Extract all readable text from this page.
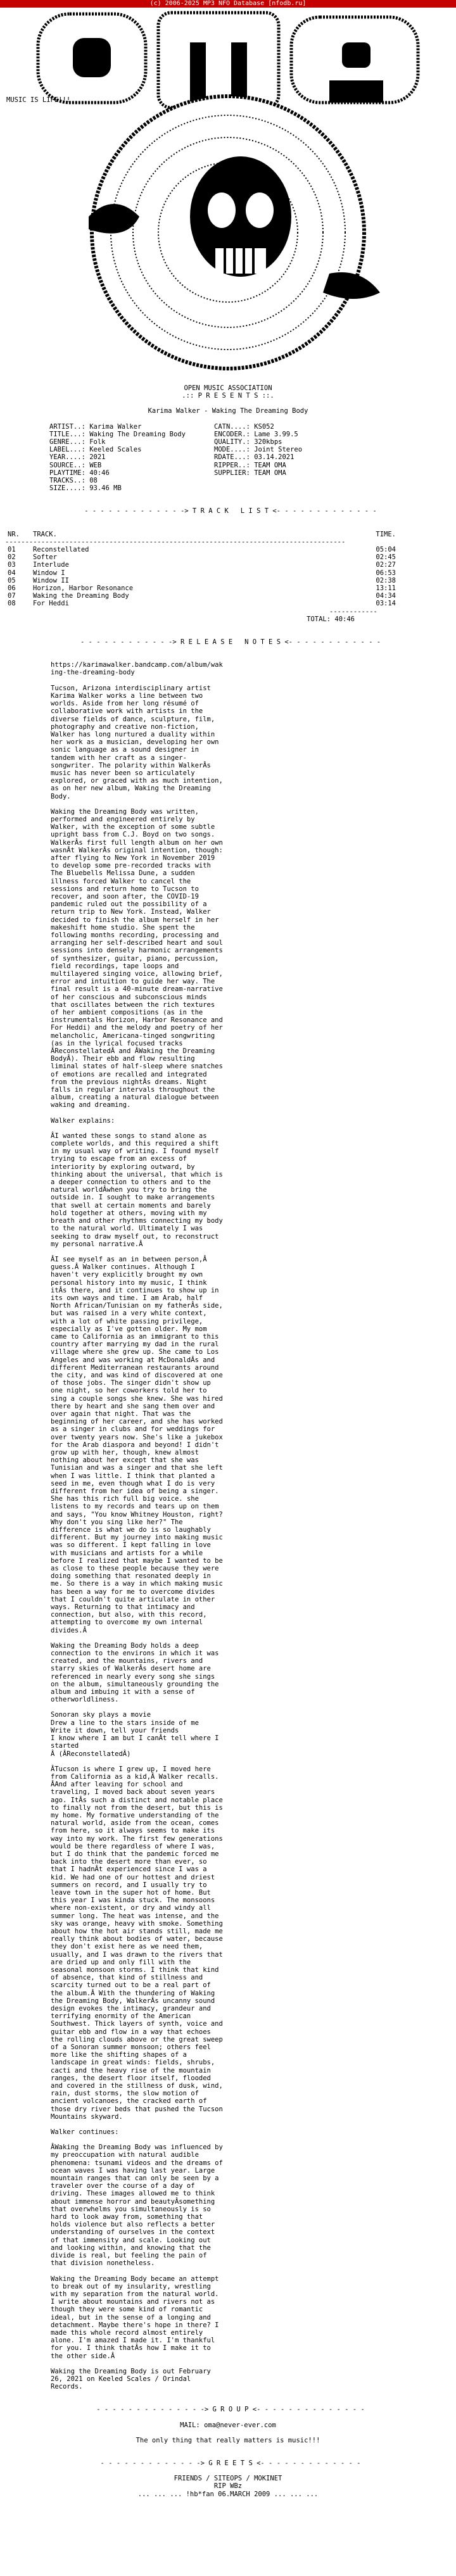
(c) 2006-2025 MP3 NFO Database [nfodb.ru]
MUSIC IS LIFE!!!
OPEN MUSIC ASSOCIATION
.:: P R E S E N T S ::.
Karima Walker - Waking The Dreaming Body
ARTIST..: Karima Walker
TITLE...: Waking The Dreaming Body
GENRE...: Folk
LABEL...: Keeled Scales
YEAR....: 2021
SOURCE..: WEB
PLAYTIME: 40:46
TRACKS..: 08
SIZE....: 93.46 MB
CATN....: KS052
ENCODER.: Lame 3.99.5
QUALITY.: 320kbps
MODE....: Joint Stereo
RDATE...: 03.14.2021
RIPPER..: TEAM OMA
SUPPLIER: TEAM OMA
- - - - - - - - - - - - -> T R A C K   L I S T <- - - - - - - - - - - - -
NR.	TRACK.	TIME.
-------------------------------------------------------------------------------------
01	Reconstellated	05:04
02	Softer	02:45
03	Interlude	02:27
04	Window I	06:53
05	Window II	02:38
06	Horizon, Harbor Resonance	13:11
07	Waking the Dreaming Body	04:34
08	For Heddi	03:14
------------
TOTAL: 40:46
- - - - - - - - - - - -> R E L E A S E   N O T E S <- - - - - - - - - - - -

https://karimawalker.bandcamp.com/album/waking-the-dreaming-body

Tucson, Arizona interdisciplinary artist Karima Walker works a line between two worlds. Aside from her long résumé of collaborative work with artists in the diverse fields of dance, sculpture, film, photography and creative non-fiction, Walker has long nurtured a duality within her work as a musician, developing her own sonic language as a sound designer in tandem with her craft as a singer-songwriter. The polarity within WalkerÂs music has never been so articulately explored, or graced with as much intention, as on her new album, Waking the Dreaming Body.

Waking the Dreaming Body was written, performed and engineered entirely by Walker, with the exception of some subtle upright bass from C.J. Boyd on two songs. WalkerÂs first full length album on her own wasnÂt WalkerÂs original intention, though: after flying to New York in November 2019 to develop some pre-recorded tracks with The Bluebells Melissa Dune, a sudden illness forced Walker to cancel the sessions and return home to Tucson to recover, and soon after, the COVID-19 pandemic ruled out the possibility of a return trip to New York. Instead, Walker decided to finish the album herself in her makeshift home studio. She spent the following months recording, processing and arranging her self-described heart and soul sessions into densely harmonic arrangements of synthesizer, guitar, piano, percussion, field recordings, tape loops and multilayered singing voice, allowing brief, error and intuition to guide her way. The final result is a 40-minute dream-narrative of her conscious and subconscious minds that oscillates between the rich textures of her ambient compositions (as in the instrumentals Horizon, Harbor Resonance and For Heddi) and the melody and poetry of her melancholic, Americana-tinged songwriting (as in the lyrical focused tracks ÂReconstellatedÂ and ÂWaking the Dreaming BodyÂ). Their ebb and flow resulting liminal states of half-sleep where snatches of emotions are recalled and integrated from the previous nightÂs dreams. Night falls in regular intervals throughout the album, creating a natural dialogue between waking and dreaming.

Walker explains:

ÂI wanted these songs to stand alone as complete worlds, and this required a shift in my usual way of writing. I found myself trying to escape from an excess of interiority by exploring outward, by thinking about the universal, that which is a deeper connection to others and to the natural worldÂwhen you try to bring the outside in. I sought to make arrangements that swell at certain moments and barely hold together at others, moving with my breath and other rhythms connecting my body to the natural world. Ultimately I was seeking to draw myself out, to reconstruct my personal narrative.Â

ÂI see myself as an in between person,Â guess.Â Walker continues. Although I haven't very explicitly brought my own personal history into my music, I think itÂs there, and it continues to show up in its own ways and time. I am Arab, half North African/Tunisian on my fatherÂs side, but was raised in a very white context, with a lot of white passing privilege, especially as I've gotten older. My mom came to California as an immigrant to this country after marrying my dad in the rural village where she grew up. She came to Los Angeles and was working at McDonaldÂs and different Mediterranean restaurants around the city, and was kind of discovered at one of those jobs. The singer didn't show up one night, so her coworkers told her to sing a couple songs she knew. She was hired there by heart and she sang them over and over again that night. That was the beginning of her career, and she has worked as a singer in clubs and for weddings for over twenty years now. She's like a jukebox for the Arab diaspora and beyond! I didn't grow up with her, though, knew almost nothing about her except that she was Tunisian and was a singer and that she left when I was little. I think that planted a seed in me, even though what I do is very different from her idea of being a singer. She has this rich full big voice. she listens to my records and tears up on them and says, "You know Whitney Houston, right? Why don't you sing like her?" The difference is what we do is so laughably different. But my journey into making music was so different. I kept falling in love with musicians and artists for a while before I realized that maybe I wanted to be as close to these people because they were doing something that resonated deeply in me. So there is a way in which making music has been a way for me to overcome divides that I couldn't quite articulate in other ways. Returning to that intimacy and connection, but also, with this record, attempting to overcome my own internal divides.Â

Waking the Dreaming Body holds a deep connection to the environs in which it was created, and the mountains, rivers and starry skies of WalkerÂs desert home are referenced in nearly every song she sings on the album, simultaneously grounding the album and imbuing it with a sense of otherworldliness.

Sonoran sky plays a movie
Drew a line to the stars inside of me
Write it down, tell your friends
I know where I am but I canÂt tell where I started
Â (ÂReconstellatedÂ)

ÂTucson is where I grew up, I moved here from California as a kid,Â Walker recalls. ÂAnd after leaving for school and traveling, I moved back about seven years ago. ItÂs such a distinct and notable place to finally not from the desert, but this is my home. My formative understanding of the natural world, aside from the ocean, comes from here, so it always seems to make its way into my work. The first few generations would be there regardless of where I was, but I do think that the pandemic forced me back into the desert more than ever, so that I hadnÂt experienced since I was a kid. We had one of our hottest and driest summers on record, and I usually try to leave town in the super hot of home. But this year I was kinda stuck. The monsoons where non-existent, or dry and windy all summer long. The heat was intense, and the sky was orange, heavy with smoke. Something about how the hot air stands still, made me really think about bodies of water, because they don't exist here as we need them, usually, and I was drawn to the rivers that are dried up and only fill with the seasonal monsoon storms. I think that kind of absence, that kind of stillness and scarcity turned out to be a real part of the album.Â With the thundering of Waking the Dreaming Body, WalkerÂs uncanny sound design evokes the intimacy, grandeur and terrifying enormity of the American Southwest. Thick layers of synth, voice and guitar ebb and flow in a way that echoes the rolling clouds above or the great sweep of a Sonoran summer monsoon; others feel more like the shifting shapes of a landscape in great winds: fields, shrubs, cacti and the heavy rise of the mountain ranges, the desert floor itself, flooded and covered in the stillness of dusk, wind, rain, dust storms, the slow motion of ancient volcanoes, the cracked earth of those dry river beds that pushed the Tucson Mountains skyward.

Walker continues:

ÂWaking the Dreaming Body was influenced by my preoccupation with natural audible phenomena: tsunami videos and the dreams of ocean waves I was having last year. Large mountain ranges that can only be seen by a traveler over the course of a day of driving. These images allowed me to think about immense horror and beautyÂsomething that overwhelms you simultaneously is so hard to look away from, something that holds violence but also reflects a better understanding of ourselves in the context of that immensity and scale. Looking out and looking within, and knowing that the divide is real, but feeling the pain of that division nonetheless.

Waking the Dreaming Body became an attempt to break out of my insularity, wrestling with my separation from the natural world. I write about mountains and rivers not as though they were some kind of romantic ideal, but in the sense of a longing and detachment. Maybe there's hope in there? I made this whole record almost entirely alone. I'm amazed I made it. I'm thankful for you. I think thatÂs how I make it to the other side.Â

Waking the Dreaming Body is out February 26, 2021 on Keeled Scales / Orindal Records.

- - - - - - - - - - - - - -> G R O U P <- - - - - - - - - - - - - -
MAIL: oma@never-ever.com
The only thing that really matters is music!!!
- - - - - - - - - - - - -> G R E E T S <- - - - - - - - - - - - -
FRIENDS / SITEOPS / MOKINET
RIP WBz
... ... ... !hb*fan 06.MARCH 2009 ... ... ...
